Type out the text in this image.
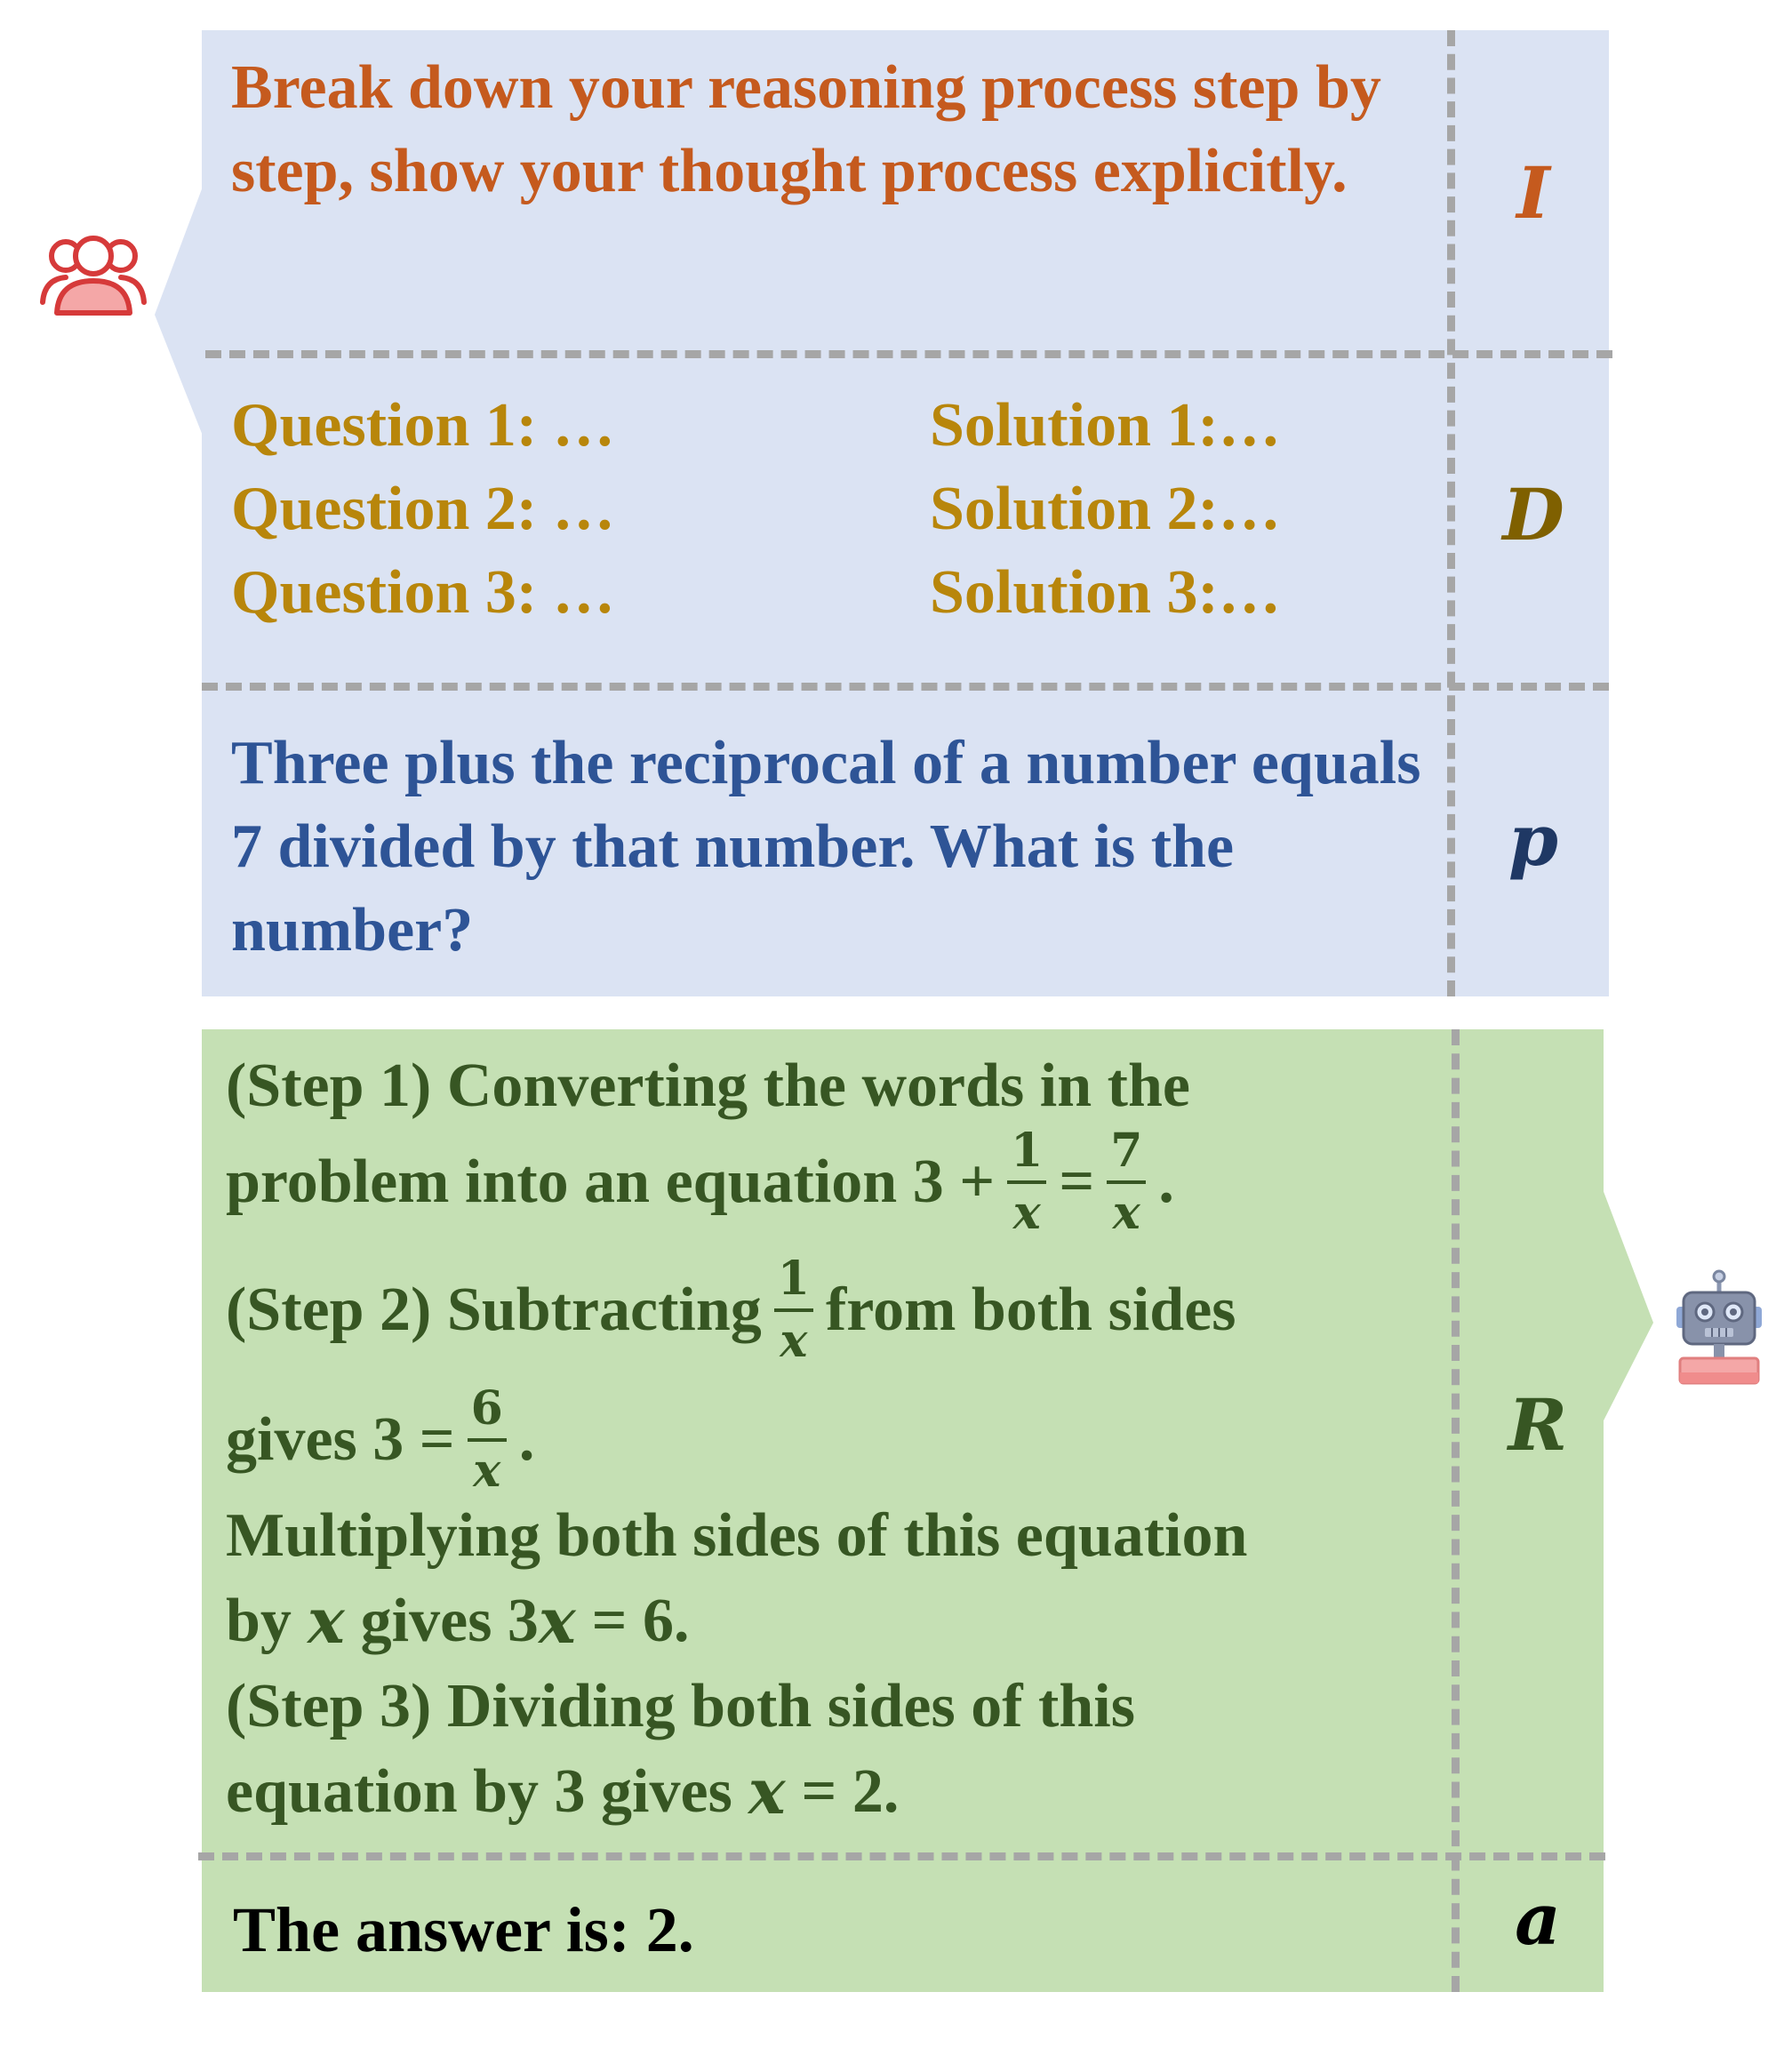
Break down your reasoning process step by step, show your thought process explicitly.	I
Question 1: …
Question 2: …
Question 3: …
Solution 1:…
Solution 2:…
Solution 3:…
D
Three plus the reciprocal of a number equals 7 divided by that number. What is the number?
p
(Step 1) Converting the words in the
problem into an equation $3 + \frac{1}{x} = \frac{7}{x}$ .
(Step 2) Subtracting $\frac{1}{x}$ from both sides
gives $3 = \frac{6}{x}$ .
Multiplying both sides of this equation
by x gives 3 x = 6.
(Step 3) Dividing both sides of this
equation by 3 gives x = 2.
R
The answer is: 2.	a
